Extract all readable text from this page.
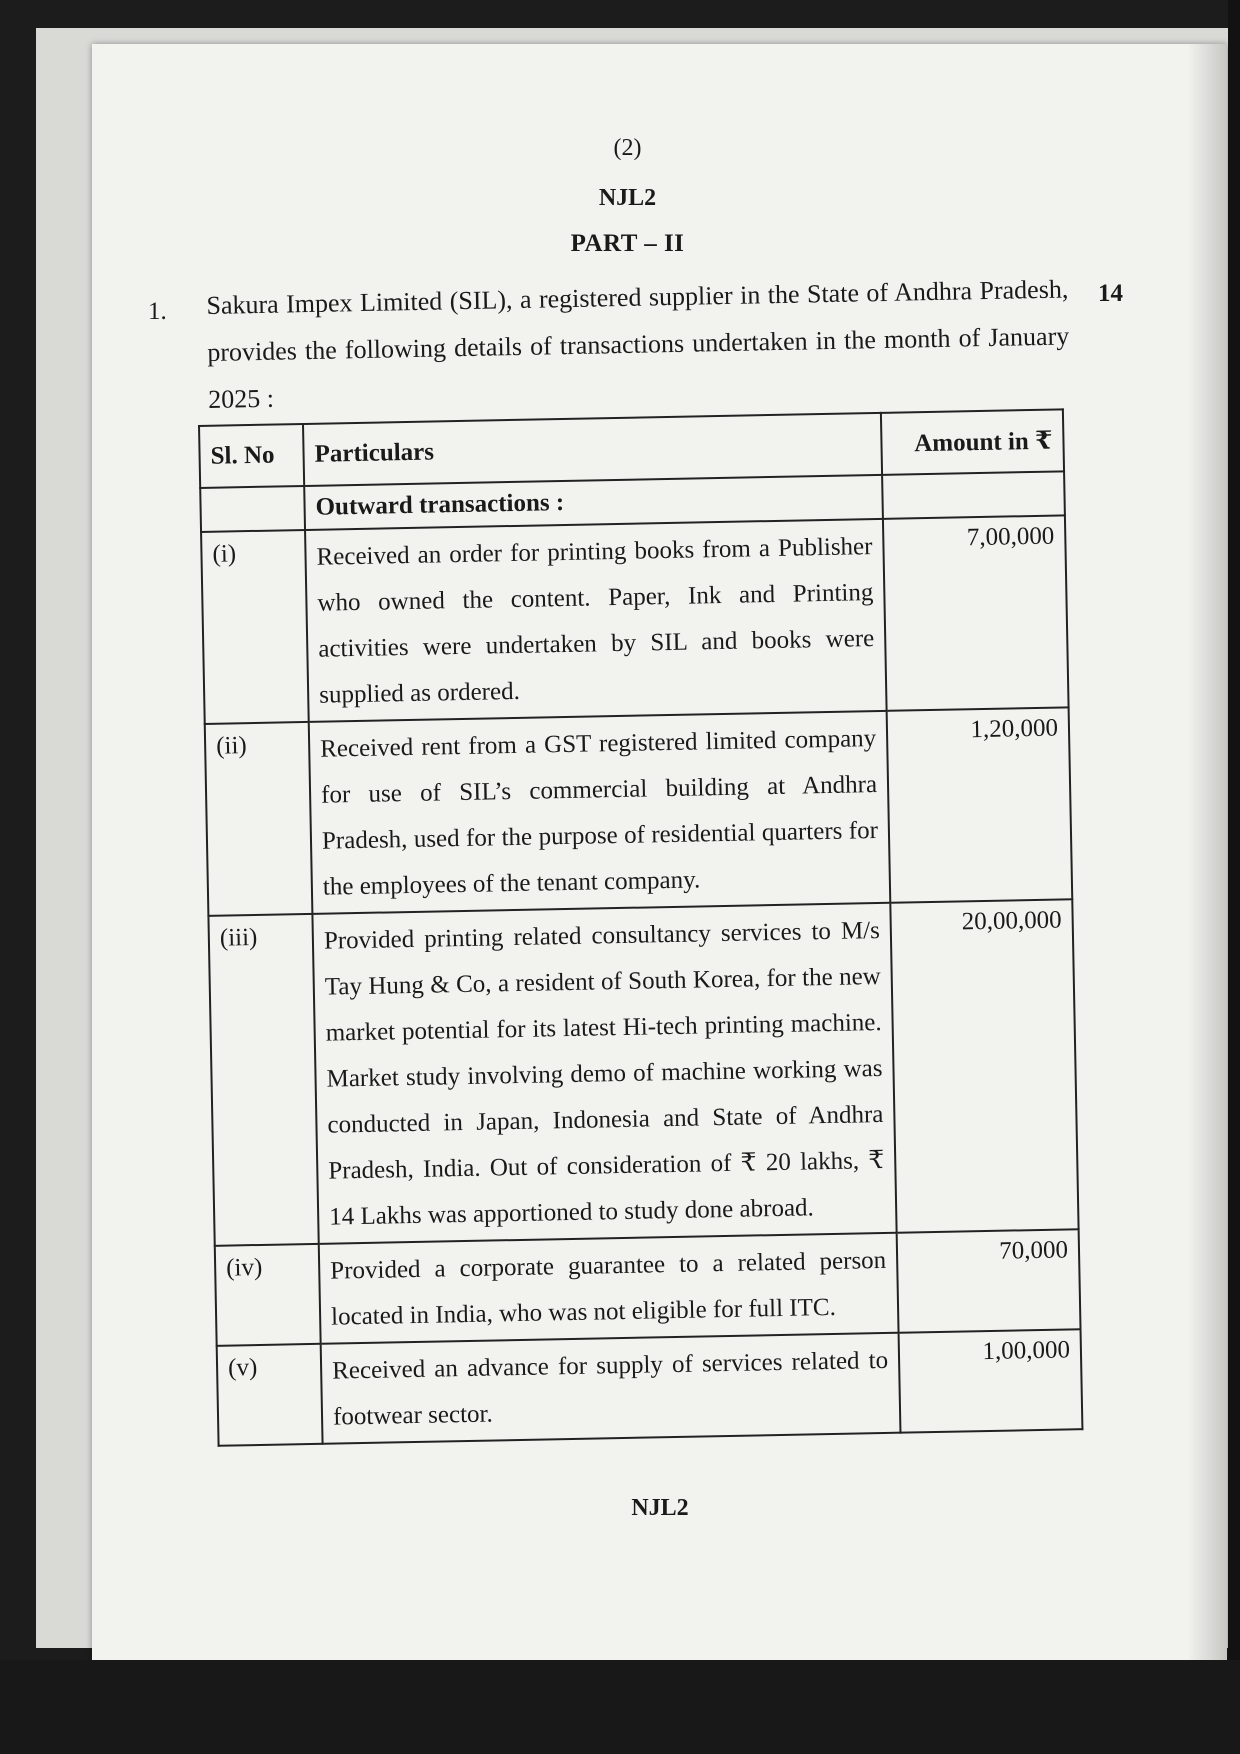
(2)
NJL2
PART – II
1.
14
Sakura Impex Limited (SIL), a registered supplier in the State of Andhra Pradesh, provides the following details of transactions undertaken in the month of January 2025 :
Sl. No	Particulars	Amount in ₹
	Outward transactions :	
(i)	Received an order for printing books from a Publisher who owned the content. Paper, Ink and Printing activities were undertaken by SIL and books were supplied as ordered.	7,00,000
(ii)	Received rent from a GST registered limited company for use of SIL’s commercial building at Andhra Pradesh, used for the purpose of residential quarters for the employees of the tenant company.	1,20,000
(iii)	Provided printing related consultancy services to M/s Tay Hung & Co, a resident of South Korea, for the new market potential for its latest Hi-tech printing machine. Market study involving demo of machine working was conducted in Japan, Indonesia and State of Andhra Pradesh, India. Out of consideration of ₹ 20 lakhs, ₹ 14 Lakhs was apportioned to study done abroad.	20,00,000
(iv)	Provided a corporate guarantee to a related person located in India, who was not eligible for full ITC.	70,000
(v)	Received an advance for supply of services related to footwear sector.	1,00,000
NJL2
